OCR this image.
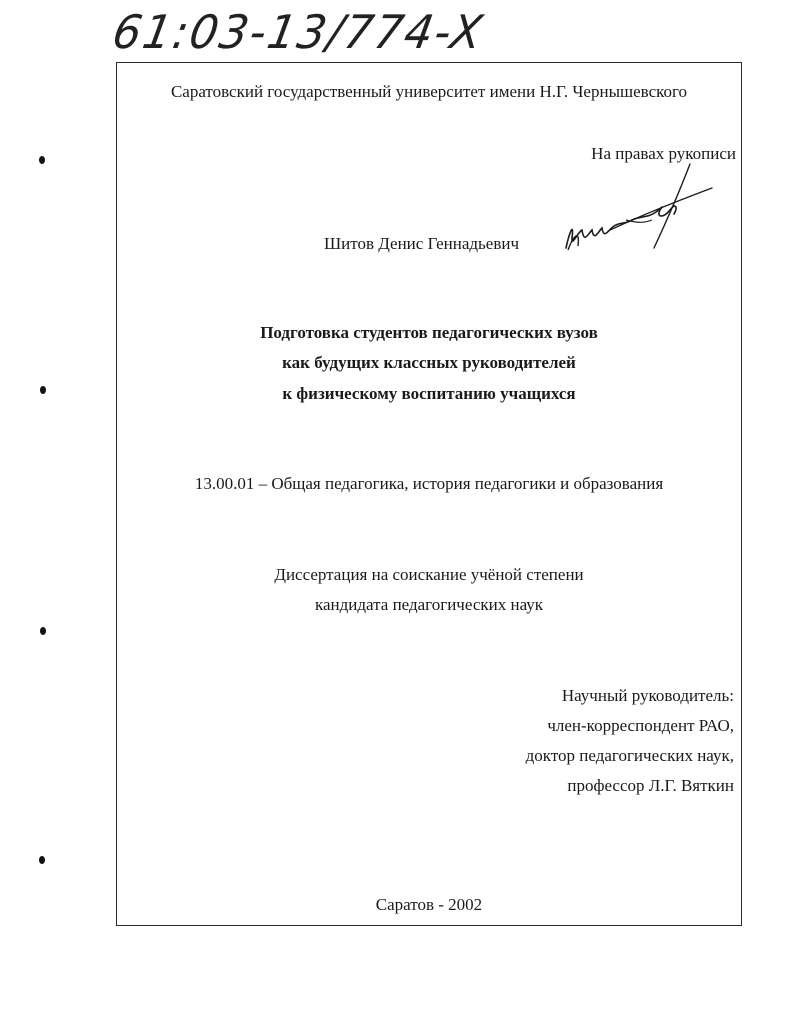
61:03-13/774-X
Саратовский государственный университет имени Н.Г. Чернышевского
На правах рукописи
Шитов Денис Геннадьевич
Подготовка студентов педагогических вузов
как будущих классных руководителей
к физическому воспитанию учащихся
13.00.01 – Общая педагогика, история педагогики и образования
Диссертация на соискание учёной степени
кандидата педагогических наук
Научный руководитель:
член-корреспондент РАО,
доктор педагогических наук,
профессор Л.Г. Вяткин
Саратов - 2002
